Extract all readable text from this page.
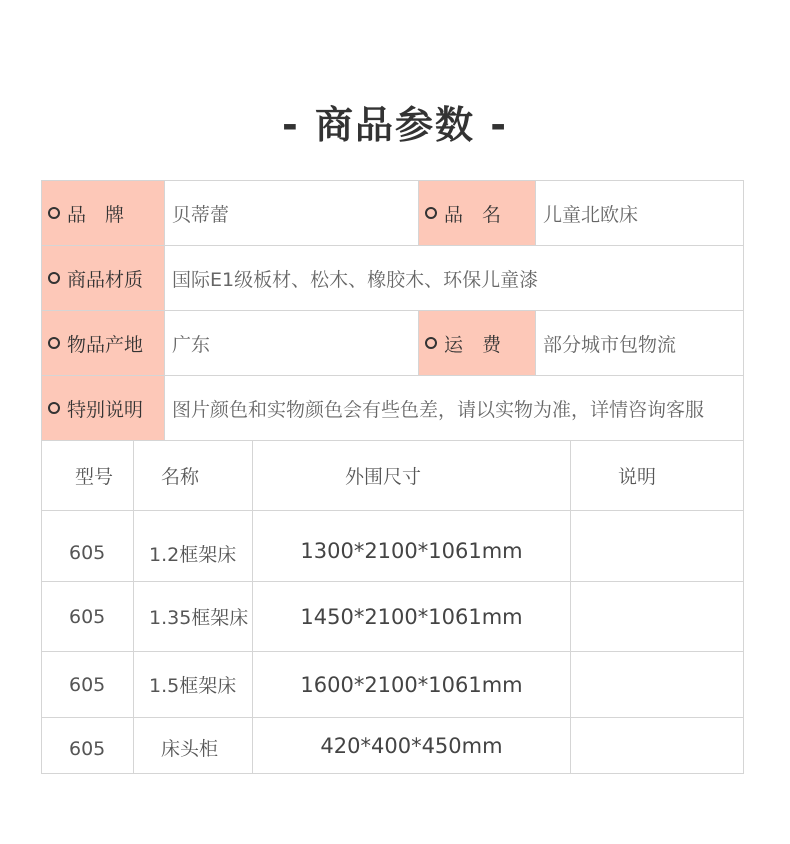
- 商品参数 -
品　牌	贝蒂蕾	品　名	儿童北欧床
商品材质	国际E1级板材、松木、橡胶木、环保儿童漆
物品产地	广东	运　费	部分城市包物流
特别说明	图片颜色和实物颜色会有些色差，请以实物为准，详情咨询客服
型号	名称	外围尺寸	说明
605	1.2框架床	1300*2100*1061mm
605	1.35框架床	1450*2100*1061mm
605	1.5框架床	1600*2100*1061mm
605	床头柜	420*400*450mm
